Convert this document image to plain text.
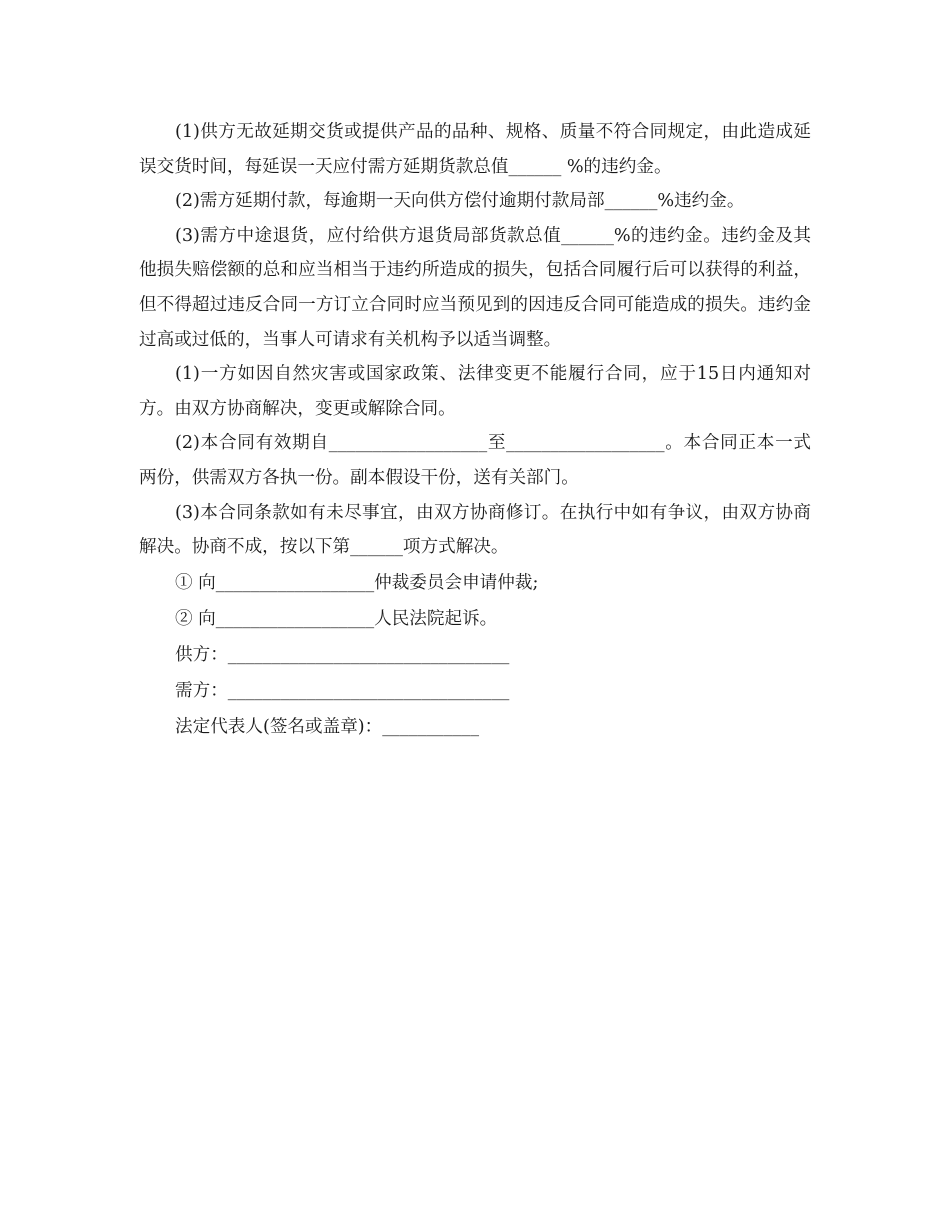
(1)供方无故延期交货或提供产品的品种、规格、质量不符合同规定，由此造成延误交货时间，每延误一天应付需方延期货款总值______ %的违约金。

(2)需方延期付款，每逾期一天向供方偿付逾期付款局部______%违约金。

(3)需方中途退货，应付给供方退货局部货款总值______%的违约金。违约金及其他损失赔偿额的总和应当相当于违约所造成的损失，包括合同履行后可以获得的利益，但不得超过违反合同一方订立合同时应当预见到的因违反合同可能造成的损失。违约金过高或过低的，当事人可请求有关机构予以适当调整。

(1)一方如因自然灾害或国家政策、法律变更不能履行合同，应于15日内通知对方。由双方协商解决，变更或解除合同。

(2)本合同有效期自__________________至__________________。本合同正本一式两份，供需双方各执一份。副本假设干份，送有关部门。

(3)本合同条款如有未尽事宜，由双方协商修订。在执行中如有争议，由双方协商解决。协商不成，按以下第______项方式解决。

① 向__________________仲裁委员会申请仲裁;

② 向__________________人民法院起诉。

供方：________________________________

需方：________________________________

法定代表人(签名或盖章)：___________
